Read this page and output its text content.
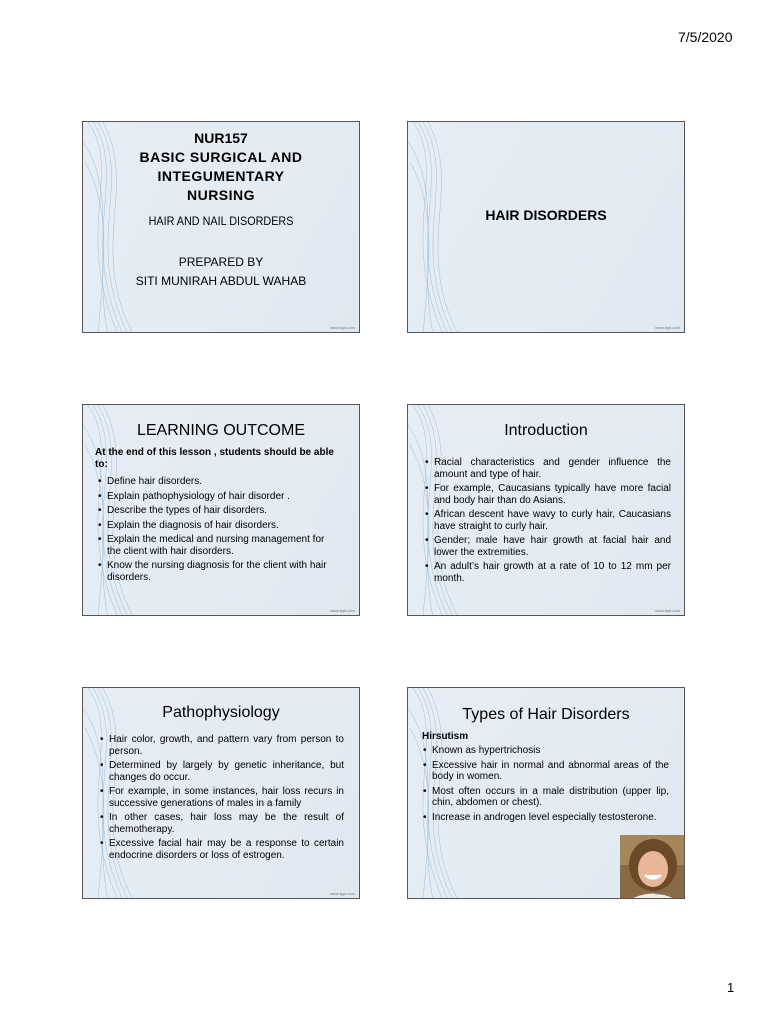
7/5/2020
NUR157
BASIC SURGICAL AND
INTEGUMENTARY
NURSING
HAIR AND NAIL DISORDERS
PREPARED BY
SITI MUNIRAH ABDUL WAHAB
www.fppt.com
HAIR DISORDERS
www.fppt.com
LEARNING OUTCOME
At the end of this lesson , students should be able to:
• Define hair disorders.
• Explain pathophysiology of hair disorder .
• Describe the types of hair disorders.
• Explain the diagnosis of hair disorders.
• Explain the medical and nursing management for the client with hair disorders.
• Know the nursing diagnosis for the client with hair disorders.
www.fppt.com
Introduction
• Racial characteristics and gender influence the amount and type of hair.
• For example, Caucasians typically have more facial and body hair than do Asians.
• African descent have wavy to curly hair, Caucasians have straight to curly hair.
• Gender; male have hair growth at facial hair and lower the extremities.
• An adult’s hair growth at a rate of 10 to 12 mm per month.
www.fppt.com
Pathophysiology
• Hair color, growth, and pattern vary from person to person.
• Determined by largely by genetic inheritance, but changes do occur.
• For example, in some instances, hair loss recurs in successive generations of males in a family
• In other cases, hair loss may be the result of chemotherapy.
• Excessive facial hair may be a response to certain endocrine disorders or loss of estrogen.
www.fppt.com
Types of Hair Disorders
Hirsutism
• Known as hypertrichosis
• Excessive hair in normal and abnormal areas of the body in women.
• Most often occurs in a male distribution (upper lip, chin, abdomen or chest).
• Increase in androgen level especially testosterone.
www.fppt.com
1
